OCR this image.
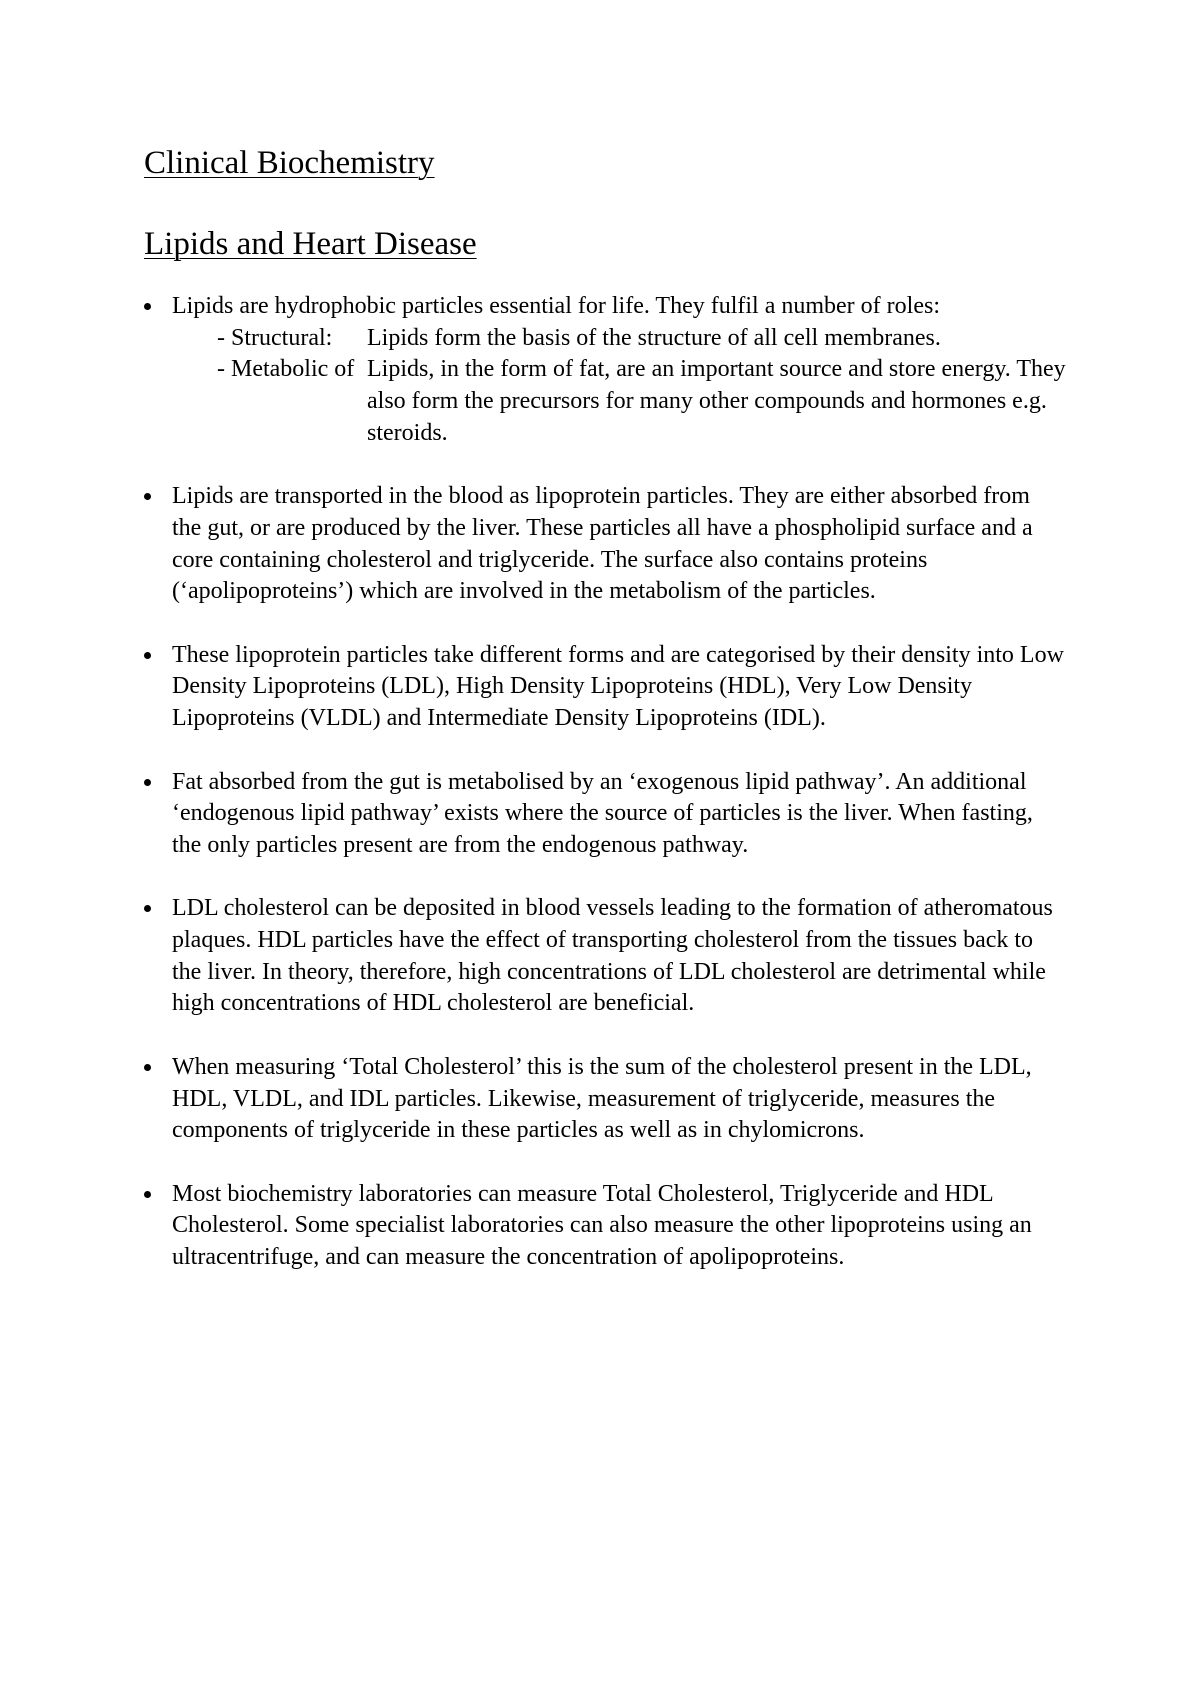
Clinical Biochemistry
Lipids and Heart Disease
Lipids are hydrophobic particles essential for life. They fulfil a number of roles:
- Structural:	Lipids form the basis of the structure of all cell membranes.
- Metabolic of Lipids, in the form of fat, are an important source and store energy. They also form the precursors for many other compounds and hormones e.g. steroids.
Lipids are transported in the blood as lipoprotein particles. They are either absorbed from the gut, or are produced by the liver. These particles all have a phospholipid surface and a core containing cholesterol and triglyceride. The surface also contains proteins (‘apolipoproteins’) which are involved in the metabolism of the particles.
These lipoprotein particles take different forms and are categorised by their density into Low Density Lipoproteins (LDL), High Density Lipoproteins (HDL), Very Low Density Lipoproteins (VLDL) and Intermediate Density Lipoproteins (IDL).
Fat absorbed from the gut is metabolised by an ‘exogenous lipid pathway’. An additional ‘endogenous lipid pathway’ exists where the source of particles is the liver. When fasting, the only particles present are from the endogenous pathway.
LDL cholesterol can be deposited in blood vessels leading to the formation of atheromatous plaques. HDL particles have the effect of transporting cholesterol from the tissues back to the liver. In theory, therefore, high concentrations of LDL cholesterol are detrimental while high concentrations of HDL cholesterol are beneficial.
When measuring ‘Total Cholesterol’ this is the sum of the cholesterol present in the LDL, HDL, VLDL, and IDL particles. Likewise, measurement of triglyceride, measures the components of triglyceride in these particles as well as in chylomicrons.
Most biochemistry laboratories can measure Total Cholesterol, Triglyceride and HDL Cholesterol. Some specialist laboratories can also measure the other lipoproteins using an ultracentrifuge, and can measure the concentration of apolipoproteins.
